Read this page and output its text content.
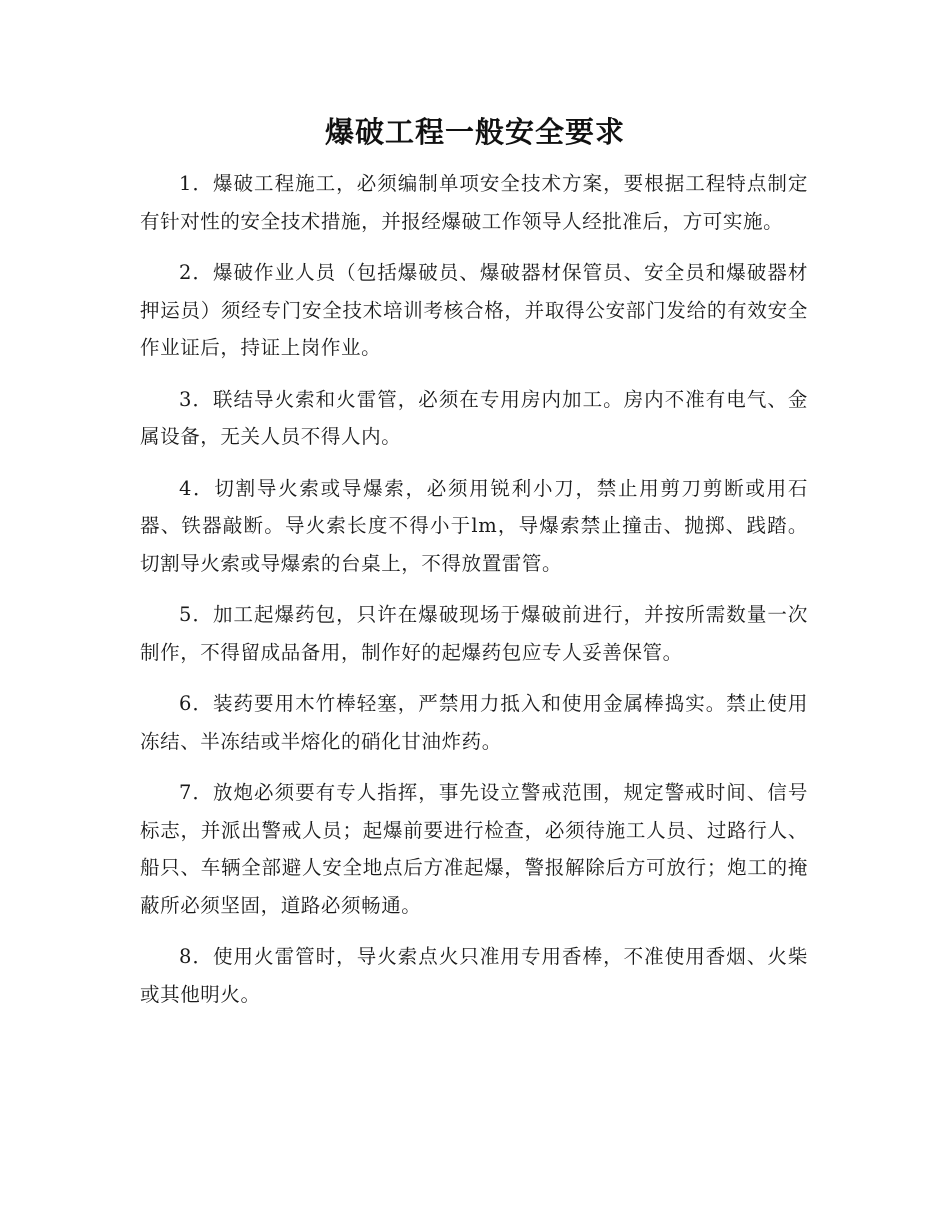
爆破工程一般安全要求

1．爆破工程施工，必须编制单项安全技术方案，要根据工程特点制定有针对性的安全技术措施，并报经爆破工作领导人经批准后，方可实施。

2．爆破作业人员（包括爆破员、爆破器材保管员、安全员和爆破器材押运员）须经专门安全技术培训考核合格，并取得公安部门发给的有效安全作业证后，持证上岗作业。

3．联结导火索和火雷管，必须在专用房内加工。房内不准有电气、金属设备，无关人员不得人内。

4．切割导火索或导爆索，必须用锐利小刀，禁止用剪刀剪断或用石器、铁器敲断。导火索长度不得小于lm，导爆索禁止撞击、抛掷、践踏。切割导火索或导爆索的台桌上，不得放置雷管。

5．加工起爆药包，只许在爆破现场于爆破前进行，并按所需数量一次制作，不得留成品备用，制作好的起爆药包应专人妥善保管。

6．装药要用木竹棒轻塞，严禁用力抵入和使用金属棒捣实。禁止使用冻结、半冻结或半熔化的硝化甘油炸药。

7．放炮必须要有专人指挥，事先设立警戒范围，规定警戒时间、信号标志，并派出警戒人员；起爆前要进行检查，必须待施工人员、过路行人、船只、车辆全部避人安全地点后方准起爆，警报解除后方可放行；炮工的掩蔽所必须坚固，道路必须畅通。

8．使用火雷管时，导火索点火只准用专用香棒，不准使用香烟、火柴或其他明火。
